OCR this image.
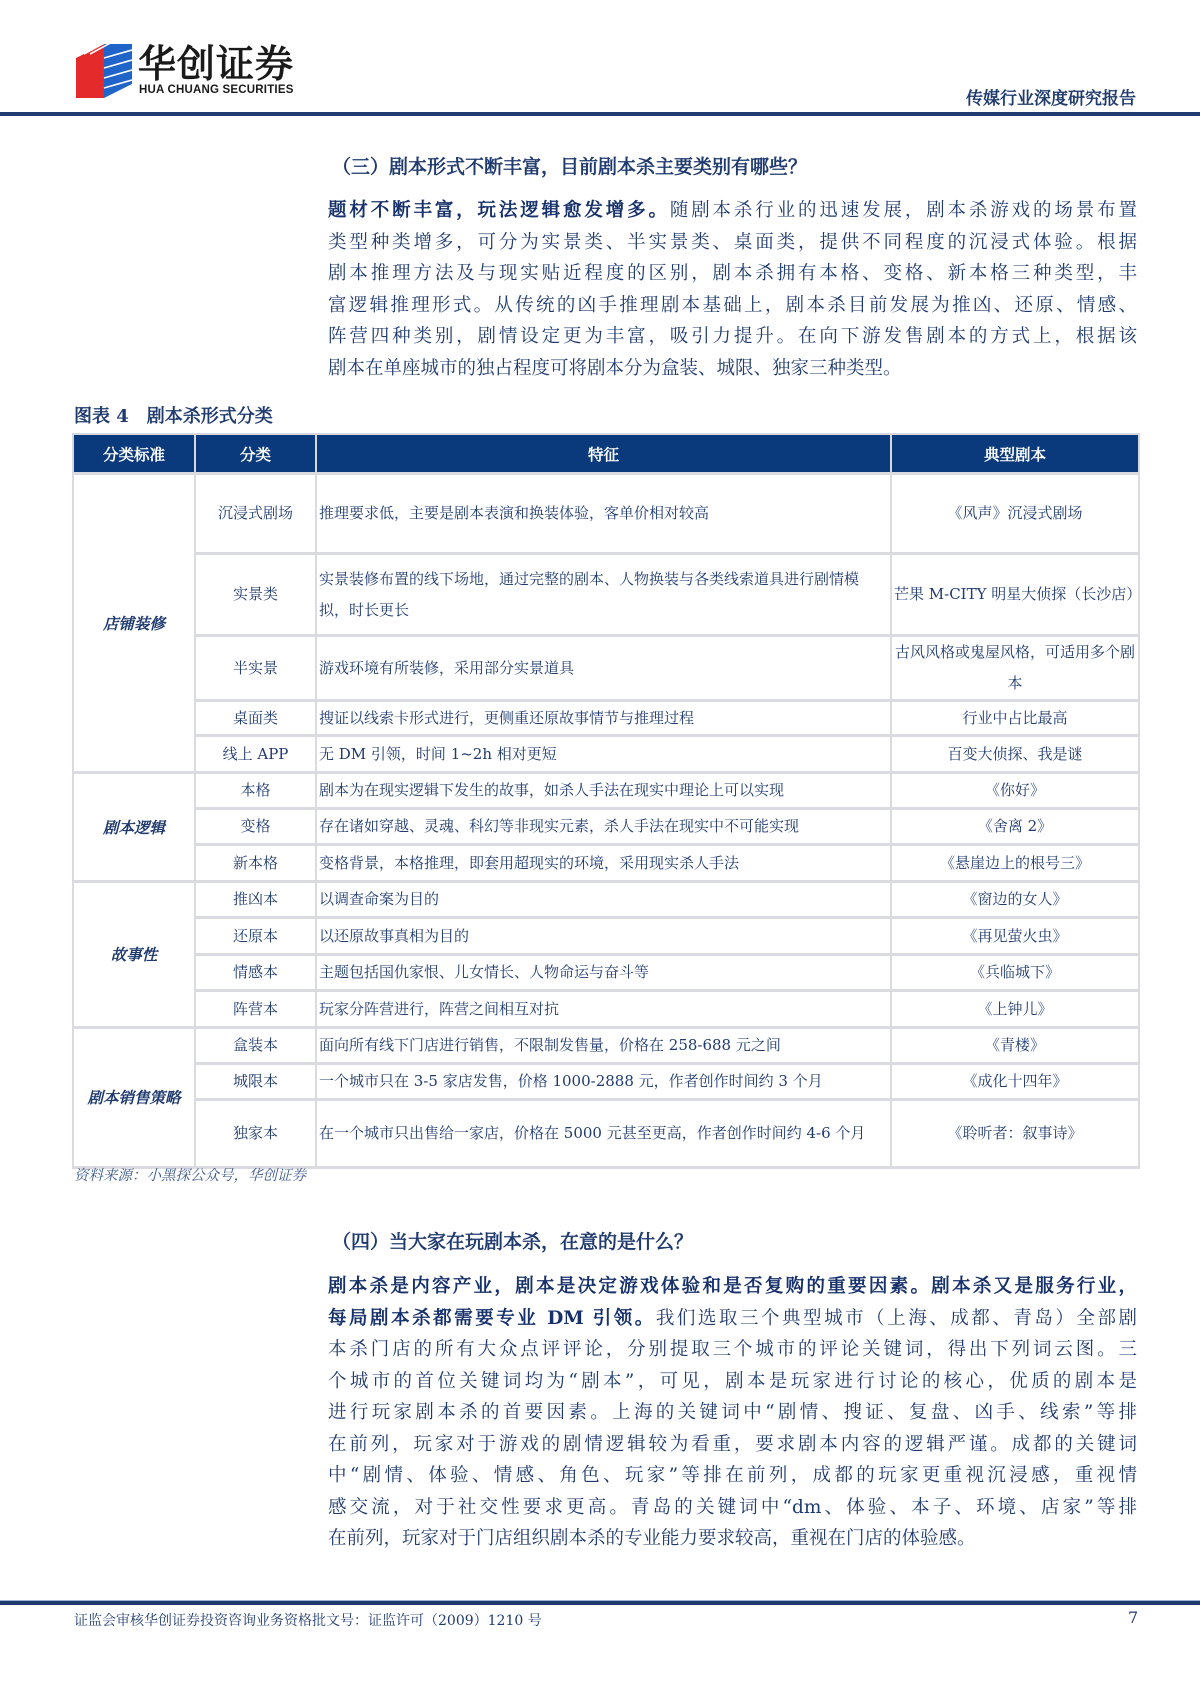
华创证券
HUA CHUANG SECURITIES	传媒行业深度研究报告
（三）剧本形式不断丰富，目前剧本杀主要类别有哪些？
题材不断丰富，玩法逻辑愈发增多。随剧本杀行业的迅速发展，剧本杀游戏的场景布置
类型种类增多，可分为实景类、半实景类、桌面类，提供不同程度的沉浸式体验。根据
剧本推理方法及与现实贴近程度的区别，剧本杀拥有本格、变格、新本格三种类型，丰
富逻辑推理形式。从传统的凶手推理剧本基础上，剧本杀目前发展为推凶、还原、情感、
阵营四种类别，剧情设定更为丰富，吸引力提升。在向下游发售剧本的方式上，根据该
剧本在单座城市的独占程度可将剧本分为盒装、城限、独家三种类型。
图表 4 剧本杀形式分类
分类标准	分类	特征	典型剧本
店铺装修	沉浸式剧场	推理要求低，主要是剧本表演和换装体验，客单价相对较高	《风声》沉浸式剧场
	实景类	实景装修布置的线下场地，通过完整的剧本、人物换装与各类线索道具进行剧情模拟，时长更长	芒果 M-CITY 明星大侦探（长沙店）
	半实景	游戏环境有所装修，采用部分实景道具	古风风格或鬼屋风格，可适用多个剧本
	桌面类	搜证以线索卡形式进行，更侧重还原故事情节与推理过程	行业中占比最高
	线上 APP	无 DM 引领，时间 1~2h 相对更短	百变大侦探、我是谜
剧本逻辑	本格	剧本为在现实逻辑下发生的故事，如杀人手法在现实中理论上可以实现	《你好》
	变格	存在诸如穿越、灵魂、科幻等非现实元素，杀人手法在现实中不可能实现	《舍离 2》
	新本格	变格背景，本格推理，即套用超现实的环境，采用现实杀人手法	《悬崖边上的根号三》
故事性	推凶本	以调查命案为目的	《窗边的女人》
	还原本	以还原故事真相为目的	《再见萤火虫》
	情感本	主题包括国仇家恨、儿女情长、人物命运与奋斗等	《兵临城下》
	阵营本	玩家分阵营进行，阵营之间相互对抗	《上钟儿》
剧本销售策略	盒装本	面向所有线下门店进行销售，不限制发售量，价格在 258-688 元之间	《青楼》
	城限本	一个城市只在 3-5 家店发售，价格 1000-2888 元，作者创作时间约 3 个月	《成化十四年》
	独家本	在一个城市只出售给一家店，价格在 5000 元甚至更高，作者创作时间约 4-6 个月	《聆听者：叙事诗》
资料来源：小黑探公众号，华创证券
（四）当大家在玩剧本杀，在意的是什么？
剧本杀是内容产业，剧本是决定游戏体验和是否复购的重要因素。剧本杀又是服务行业，
每局剧本杀都需要专业 DM 引领。我们选取三个典型城市（上海、成都、青岛）全部剧
本杀门店的所有大众点评评论，分别提取三个城市的评论关键词，得出下列词云图。三
个城市的首位关键词均为“剧本”，可见，剧本是玩家进行讨论的核心，优质的剧本是
进行玩家剧本杀的首要因素。上海的关键词中“剧情、搜证、复盘、凶手、线索”等排
在前列，玩家对于游戏的剧情逻辑较为看重，要求剧本内容的逻辑严谨。成都的关键词
中“剧情、体验、情感、角色、玩家”等排在前列，成都的玩家更重视沉浸感，重视情
感交流，对于社交性要求更高。青岛的关键词中“dm、体验、本子、环境、店家”等排
在前列，玩家对于门店组织剧本杀的专业能力要求较高，重视在门店的体验感。
证监会审核华创证券投资咨询业务资格批文号：证监许可（2009）1210 号	7
